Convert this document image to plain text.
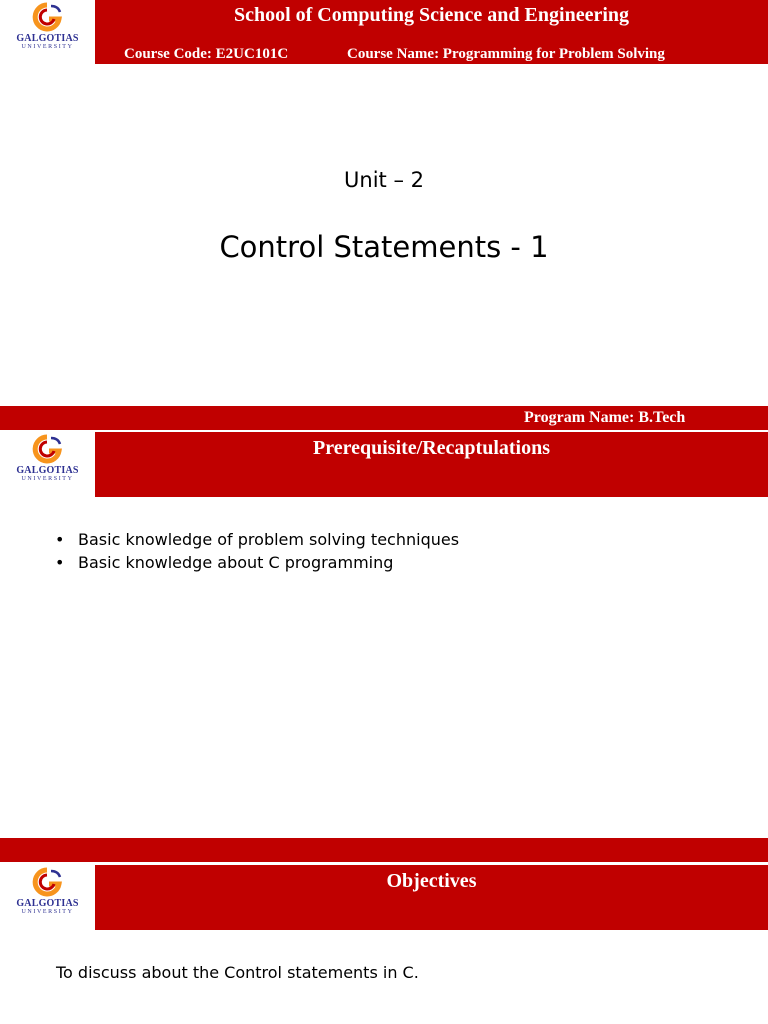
GALGOTIAS
UNIVERSITY
School of Computing Science and Engineering
Course Code: E2UC101C	Course Name: Programming for Problem Solving
Unit – 2
Control Statements - 1
Program Name: B.Tech
GALGOTIAS
UNIVERSITY
Prerequisite/Recaptulations
• Basic knowledge of problem solving techniques
• Basic knowledge about C programming
GALGOTIAS
UNIVERSITY
Objectives
To discuss about the Control statements in C.
